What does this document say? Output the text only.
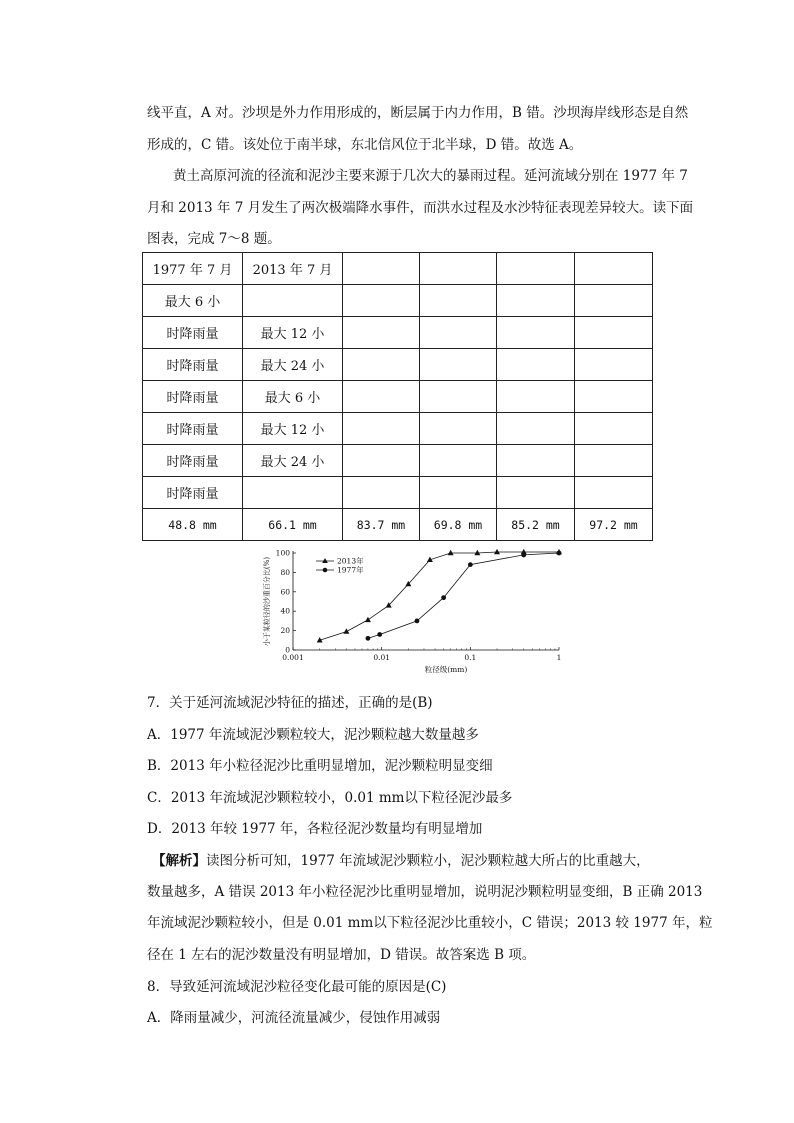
线平直，A 对。沙坝是外力作用形成的，断层属于内力作用，B 错。沙坝海岸线形态是自然
形成的，C 错。该处位于南半球，东北信风位于北半球，D 错。故选 A。
黄土高原河流的径流和泥沙主要来源于几次大的暴雨过程。延河流域分别在 1977 年 7
月和 2013 年 7 月发生了两次极端降水事件，而洪水过程及水沙特征表现差异较大。读下面
图表，完成 7～8 题。
1977 年 7 月	2013 年 7 月				
最大 6 小					
时降雨量	最大 12 小				
时降雨量	最大 24 小				
时降雨量	最大 6 小				
时降雨量	最大 12 小				
时降雨量	最大 24 小				
时降雨量					
48.8 mm	66.1 mm	83.7 mm	69.8 mm	85.2 mm	97.2 mm
0
20
40
60
80
100
0.001	0.01	0.1	1
粒径级(mm)
小于某粒径的沙重百分比(%)	2013年
1977年
7．关于延河流域泥沙特征的描述，正确的是(B)
A．1977 年流域泥沙颗粒较大，泥沙颗粒越大数量越多
B．2013 年小粒径泥沙比重明显增加，泥沙颗粒明显变细
C．2013 年流域泥沙颗粒较小，0.01 mm以下粒径泥沙最多
D．2013 年较 1977 年，各粒径泥沙数量均有明显增加
【解析】读图分析可知，1977 年流域泥沙颗粒小，泥沙颗粒越大所占的比重越大，
数量越多，A 错误 2013 年小粒径泥沙比重明显增加，说明泥沙颗粒明显变细，B 正确 2013
年流域泥沙颗粒较小，但是 0.01 mm以下粒径泥沙比重较小，C 错误；2013 较 1977 年，粒
径在 1 左右的泥沙数量没有明显增加，D 错误。故答案选 B 项。
8．导致延河流域泥沙粒径变化最可能的原因是(C)
A．降雨量减少，河流径流量减少，侵蚀作用减弱
